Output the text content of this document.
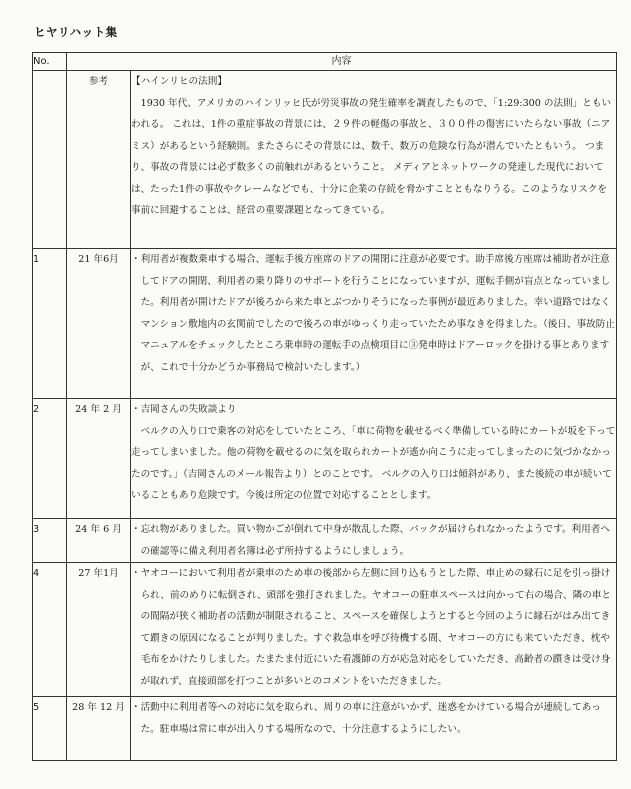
ヒヤリハット集
No.	内容	
	参考	【ハインリヒの法則】

1930 年代、アメリカのハインリッヒ氏が労災事故の発生確率を調査したもので、「1:29:300 の法則」ともいわれる。 これは、1件の重症事故の背景には、２９件の軽傷の事故と、３００件の傷害にいたらない事故（ニアミス）があるという経験則。またさらにその背景には、数千、数万の危険な行為が潜んでいたともいう。 つまり、事故の背景には必ず数多くの前触れがあるということ。 メディアとネットワークの発達した現代においては、たった1件の事故やクレームなどでも、十分に企業の存続を脅かすことともなりうる。このようなリスクを事前に回避することは、経営の重要課題となってきている。

1	21 年6月	・利用者が複数乗車する場合、運転手後方座席のドアの開閉に注意が必要です。助手席後方座席は補助者が注意してドアの開閉、利用者の乗り降りのサポートを行うことになっていますが、運転手側が盲点となっていました。利用者が開けたドアが後ろから来た車とぶつかりそうになった事例が最近ありました。幸い道路ではなくマンション敷地内の玄関前でしたので後ろの車がゆっくり走っていたため事なきを得ました。（後日、事故防止マニュアルをチェックしたところ乗車時の運転手の点検項目に③発車時はドアーロックを掛ける事とありますが、これで十分かどうか事務局で検討いたします。）

2	24 年 2 月	・吉岡さんの失敗談より

ベルクの入り口で乗客の対応をしていたところ、「車に荷物を載せるべく準備している時にカートが坂を下って走ってしまいました。他の荷物を載せるのに気を取られカートが遙か向こうに走ってしまったのに気づかなかったのです。」（吉岡さんのメール報告より）とのことです。 ベルクの入り口は傾斜があり、また後続の車が続いていることもあり危険です。今後は所定の位置で対応することとします。

3	24 年 6 月	・忘れ物がありました。買い物かごが倒れて中身が散乱した際、バックが届けられなかったようです。利用者への確認等に備え利用者名簿は必ず所持するようにしましょう。

4	27 年1月	・ヤオコーにおいて利用者が乗車のため車の後部から左側に回り込もうとした際、車止めの縁石に足を引っ掛けられ、前のめりに転倒され、頭部を強打されました。ヤオコーの駐車スペースは向かって右の場合、隣の車との間隔が狭く補助者の活動が制限されること、スペースを確保しようとすると今回のように縁石がはみ出てきて躓きの原因になることが判りました。すぐ救急車を呼び待機する間、ヤオコーの方にも来ていただき、枕や毛布をかけたりしました。たまたま付近にいた看護師の方が応急対応をしていただき、高齢者の躓きは受け身が取れず、直接頭部を打つことが多いとのコメントをいただきました。

5	28 年 12 月	・活動中に利用者等への対応に気を取られ、周りの車に注意がいかず、迷惑をかけている場合が連続してあった。駐車場は常に車が出入りする場所なので、十分注意するようにしたい。
